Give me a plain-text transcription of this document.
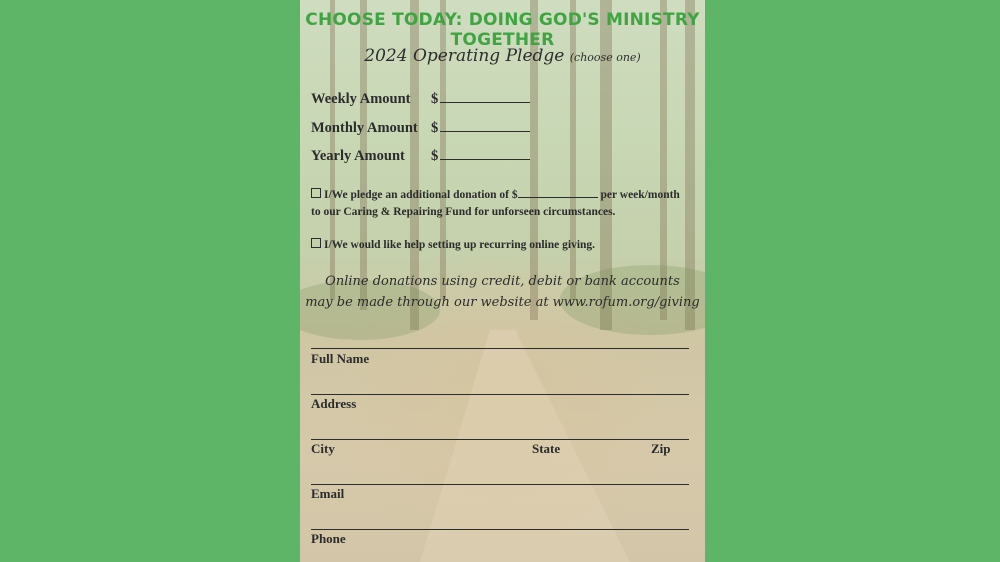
CHOOSE TODAY: DOING GOD'S MINISTRY TOGETHER
2024 Operating Pledge (choose one)
Weekly Amount	$
Monthly Amount $
Yearly Amount	$
I/We pledge an additional donation of $	per week/month
to our Caring & Repairing Fund for unforseen circumstances.
I/We would like help setting up recurring online giving.
Online donations using credit, debit or bank accounts
may be made through our website at www.rofum.org/giving
Full Name
Address
City	State	Zip
Email
Phone
